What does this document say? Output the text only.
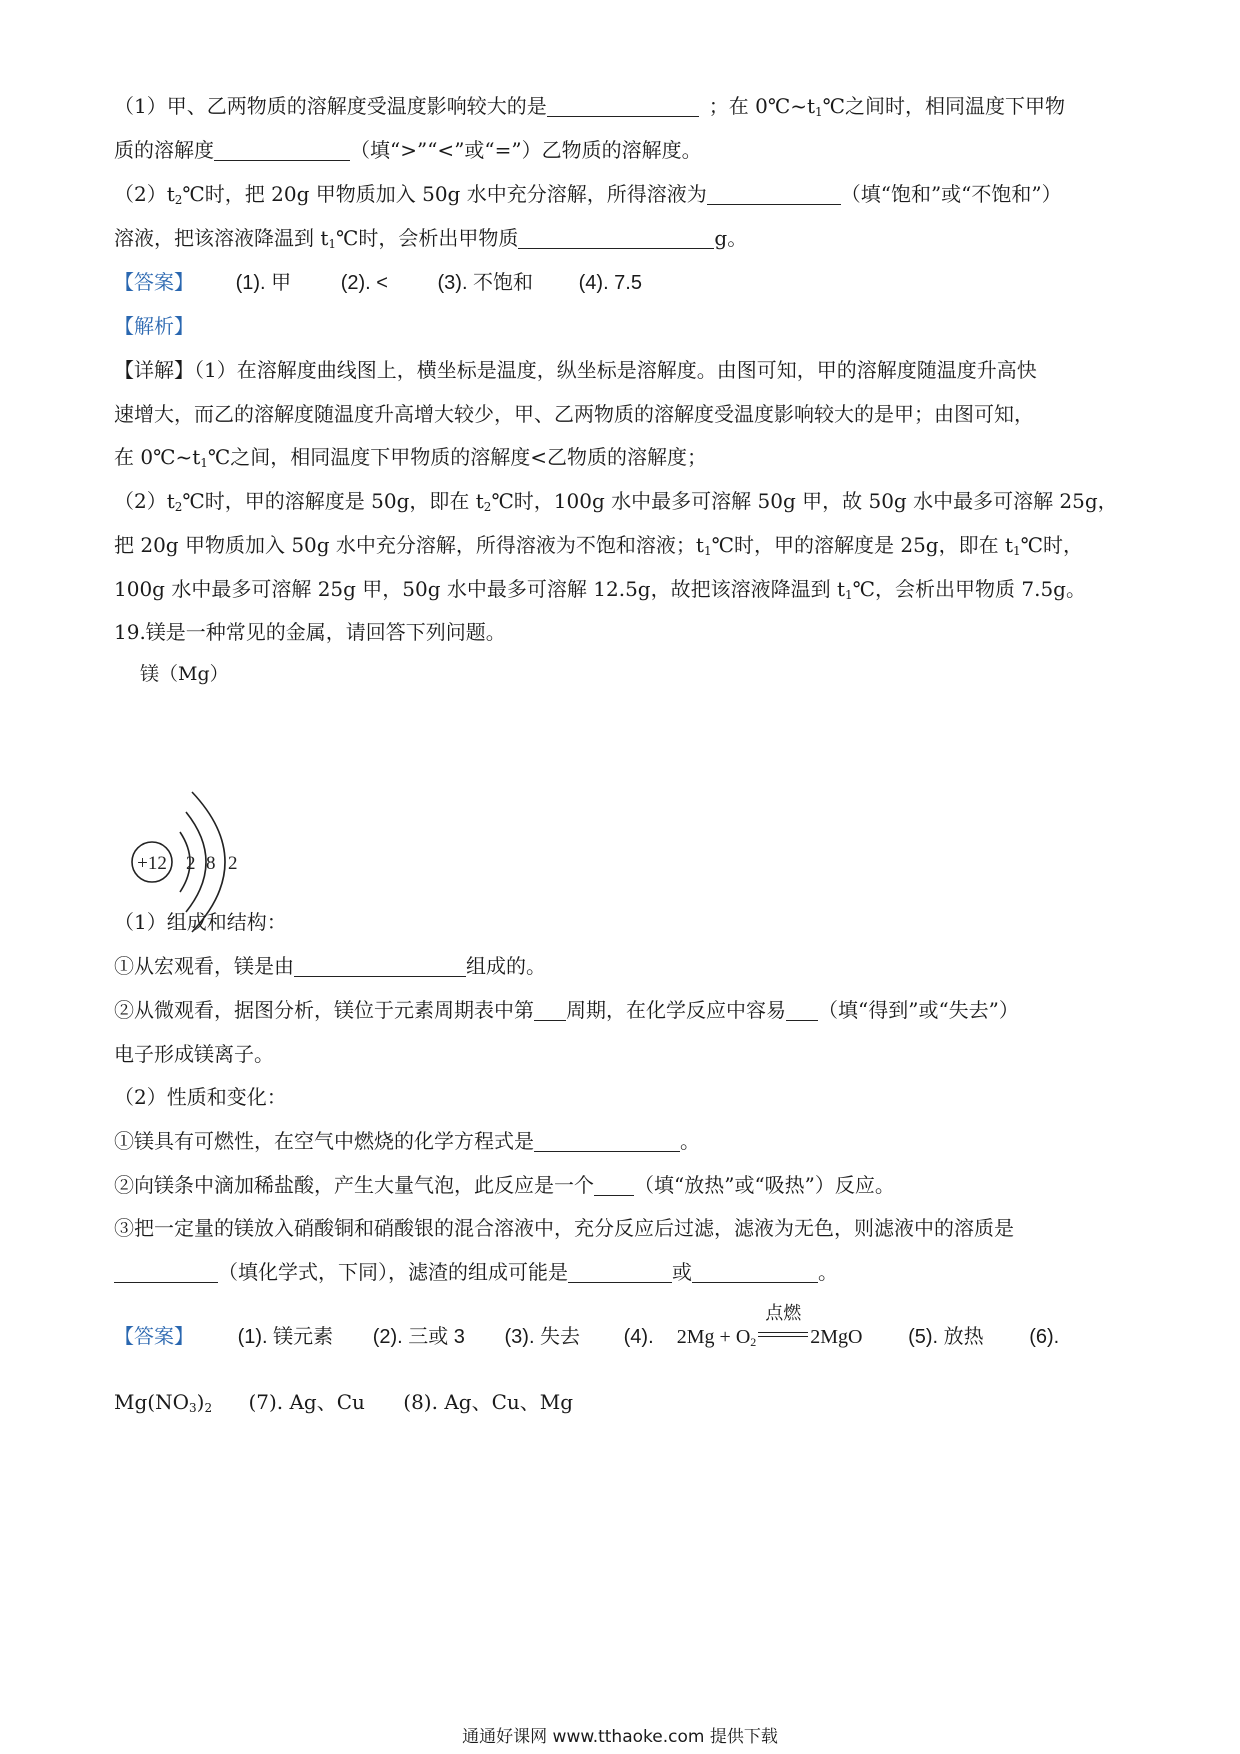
（1）甲、乙两物质的溶解度受温度影响较大的是	；在 $0℃\sim t_1℃$之间时，相同温度下甲物
质的溶解度	（填“>”“<”或“=”）乙物质的溶解度。
$(2)t_2℃$时，把 20g 甲物质加入 50g 水中充分溶解，所得溶液为	（填“饱和”或“不饱和”）
溶液，把该溶液降温到 $t_1℃$时，会析出甲物质	g。
【答案】 (1). 甲 (2). < (3). 不饱和 (4). 7.5
【解析】
【详解】（1）在溶解度曲线图上，横坐标是温度，纵坐标是溶解度。由图可知，甲的溶解度随温度升高快
速增大，而乙的溶解度随温度升高增大较少，甲、乙两物质的溶解度受温度影响较大的是甲；由图可知，
在 $0℃\sim t_1℃$之间，相同温度下甲物质的溶解度<乙物质的溶解度；
$(2)t_2℃$时，甲的溶解度是 50g，即在 $t_2℃$时，100g 水中最多可溶解 50g 甲，故 50g 水中最多可溶解 25g，
把 20g 甲物质加入 50g 水中充分溶解，所得溶液为不饱和溶液；$t_1℃$时，甲的溶解度是 25g，即在 $t_1℃$时，
100g 水中最多可溶解 25g 甲，50g 水中最多可溶解 12.5g，故把该溶液降温到 $t_1℃$，会析出甲物质 7.5g。
19.镁是一种常见的金属，请回答下列问题。
镁（Mg）
+12 2 8 2
（1）组成和结构：
①从宏观看，镁是由	组成的。
②从微观看，据图分析，镁位于元素周期表中第 周期，在化学反应中容易 （填“得到”或“失去”）
电子形成镁离子。
（2）性质和变化：
①镁具有可燃性，在空气中燃烧的化学方程式是	。
②向镁条中滴加稀盐酸，产生大量气泡，此反应是一个 （填“放热”或“吸热”）反应。
③把一定量的镁放入硝酸铜和硝酸银的混合溶液中，充分反应后过滤，滤液为无色，则滤液中的溶质是
（填化学式，下同），滤渣的组成可能是	或	。
【答案】 (1). 镁元素 (2). 三或 3 (3). 失去 (4). $2Mg + O_2$
点燃
2MgO (5). 放热 (6).
$Mg(NO_3)_2$ (7). Ag、Cu (8). Ag、Cu、Mg
通通好课网 www.tthaoke.com 提供下载
